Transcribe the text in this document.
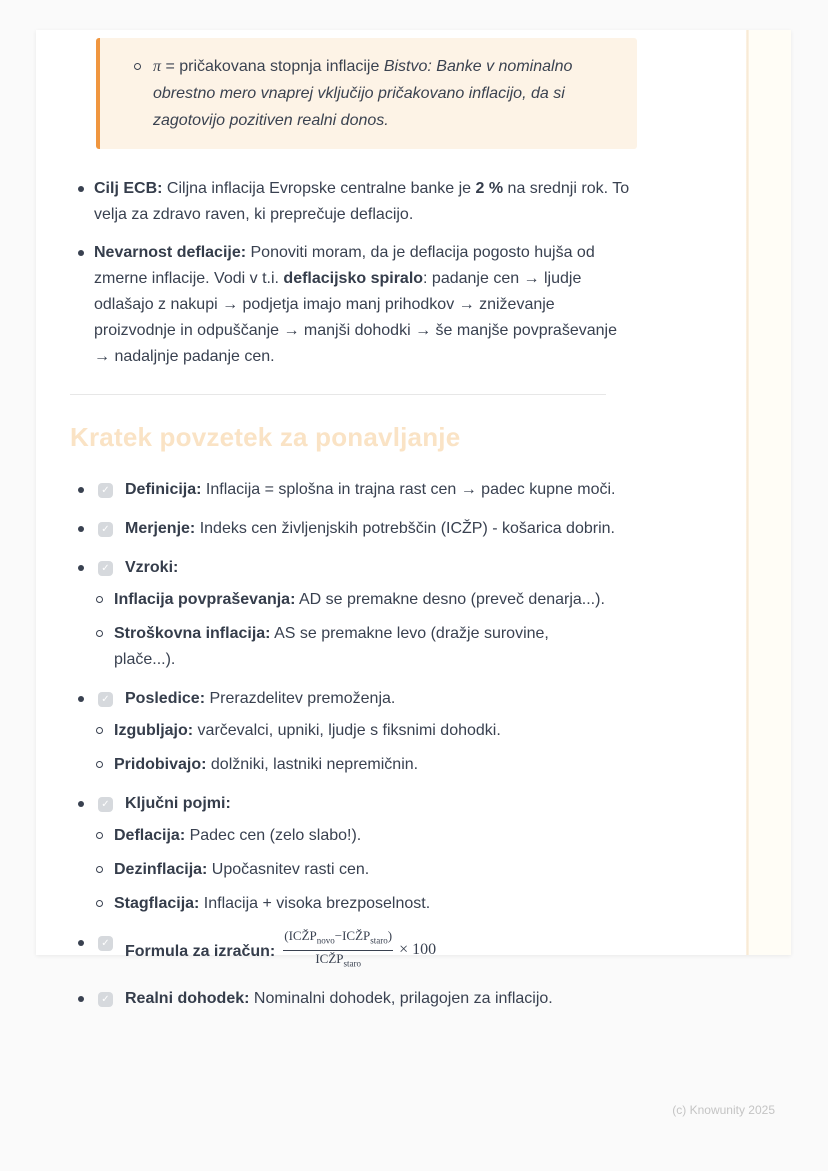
π = pričakovana stopnja inflacije Bistvo: Banke v nominalno obrestno mero vnaprej vključijo pričakovano inflacijo, da si zagotovijo pozitiven realni donos.

Cilj ECB: Ciljna inflacija Evropske centralne banke je 2 % na srednji rok. To velja za zdravo raven, ki preprečuje deflacijo.

Nevarnost deflacije: Ponoviti moram, da je deflacija pogosto hujša od zmerne inflacije. Vodi v t.i. deflacijsko spiralo: padanje cen → ljudje odlašajo z nakupi → podjetja imajo manj prihodkov → zniževanje proizvodnje in odpuščanje → manjši dohodki → še manjše povpraševanje → nadaljnje padanje cen.

Kratek povzetek za ponavljanje
✓ Definicija: Inflacija = splošna in trajna rast cen → padec kupne moči.

✓ Merjenje: Indeks cen življenjskih potrebščin (ICŽP) - košarica dobrin.

✓ Vzroki:

Inflacija povpraševanja: AD se premakne desno (preveč denarja...).

Stroškovna inflacija: AS se premakne levo (dražje surovine, plače...).

✓ Posledice: Prerazdelitev premoženja.

Izgubljajo: varčevalci, upniki, ljudje s fiksnimi dohodki.

Pridobivajo: dolžniki, lastniki nepremičnin.

✓ Ključni pojmi:

Deflacija: Padec cen (zelo slabo!).

Dezinflacija: Upočasnitev rasti cen.

Stagflacija: Inflacija + visoka brezposelnost.

✓ Formula za izračun: $\frac{(ICŽP_{novo}-ICŽP_{staro})}{ICŽP_{staro}} \times 100$

✓ Realni dohodek: Nominalni dohodek, prilagojen za inflacijo.

(c) Knowunity 2025
